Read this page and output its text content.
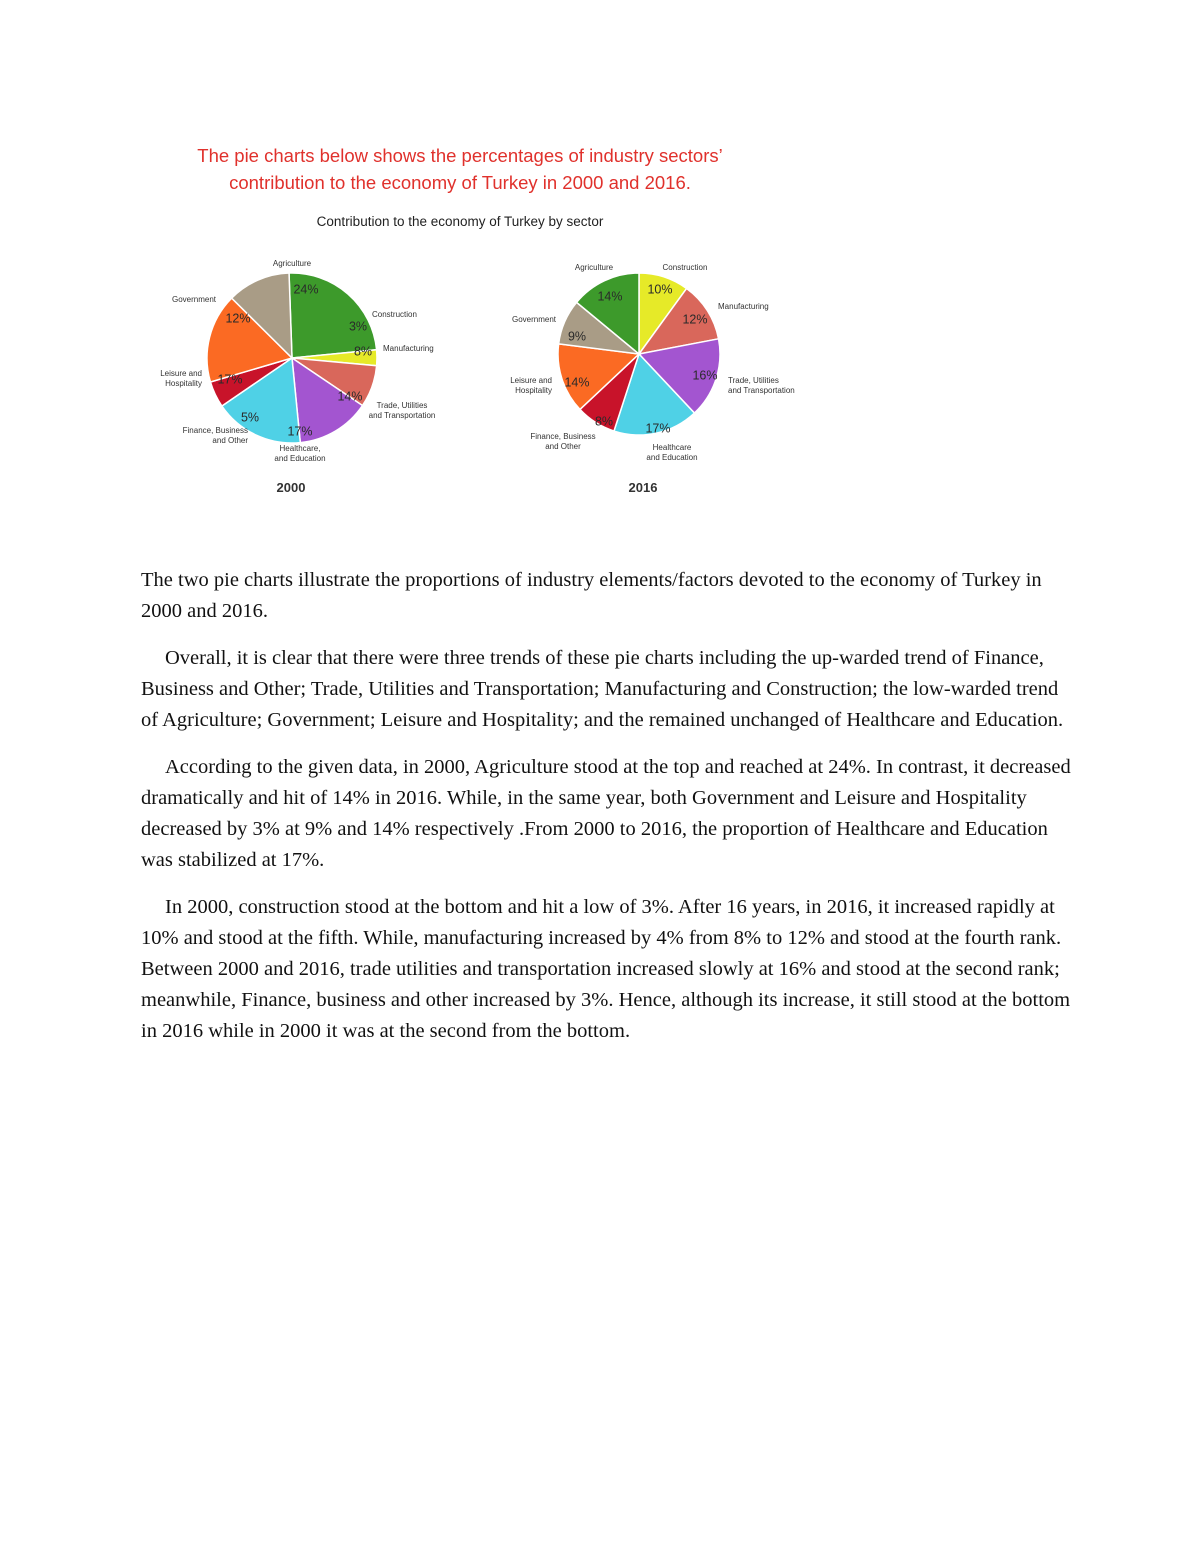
The pie charts below shows the percentages of industry sectors’
contribution to the economy of Turkey in 2000 and 2016.
Contribution to the economy of Turkey by sector
24%
Agriculture
3%
Construction
8% Manufacturing
14%
Trade, Utilities and Transportation
17%
Healthcare, and Education
5%
Finance, Business and Other
17%
Leisure and Hospitality
12%
Government
2000
10%
Construction
12%
Manufacturing
16% Trade, Utilities and Transportation
17%
Healthcare and Education
8%
Finance, Business and Other
14%
Leisure and Hospitality
9%
Government
14%
Agriculture
2016

The two pie charts illustrate the proportions of industry elements/factors devoted to the economy of Turkey in 2000 and 2016.

Overall, it is clear that there were three trends of these pie charts including the up-warded trend of Finance, Business and Other; Trade, Utilities and Transportation; Manufacturing and Construction; the low-warded trend of Agriculture; Government; Leisure and Hospitality; and the remained unchanged of Healthcare and Education.

According to the given data, in 2000, Agriculture stood at the top and reached at 24%. In contrast, it decreased dramatically and hit of 14% in 2016. While, in the same year, both Government and Leisure and Hospitality decreased by 3% at 9% and 14% respectively .From 2000 to 2016, the proportion of Healthcare and Education was stabilized at 17%.

In 2000, construction stood at the bottom and hit a low of 3%. After 16 years, in 2016, it increased rapidly at 10% and stood at the fifth. While, manufacturing increased by 4% from 8% to 12% and stood at the fourth rank. Between 2000 and 2016, trade utilities and transportation increased slowly at 16% and stood at the second rank; meanwhile, Finance, business and other increased by 3%. Hence, although its increase, it still stood at the bottom in 2016 while in 2000 it was at the second from the bottom.
